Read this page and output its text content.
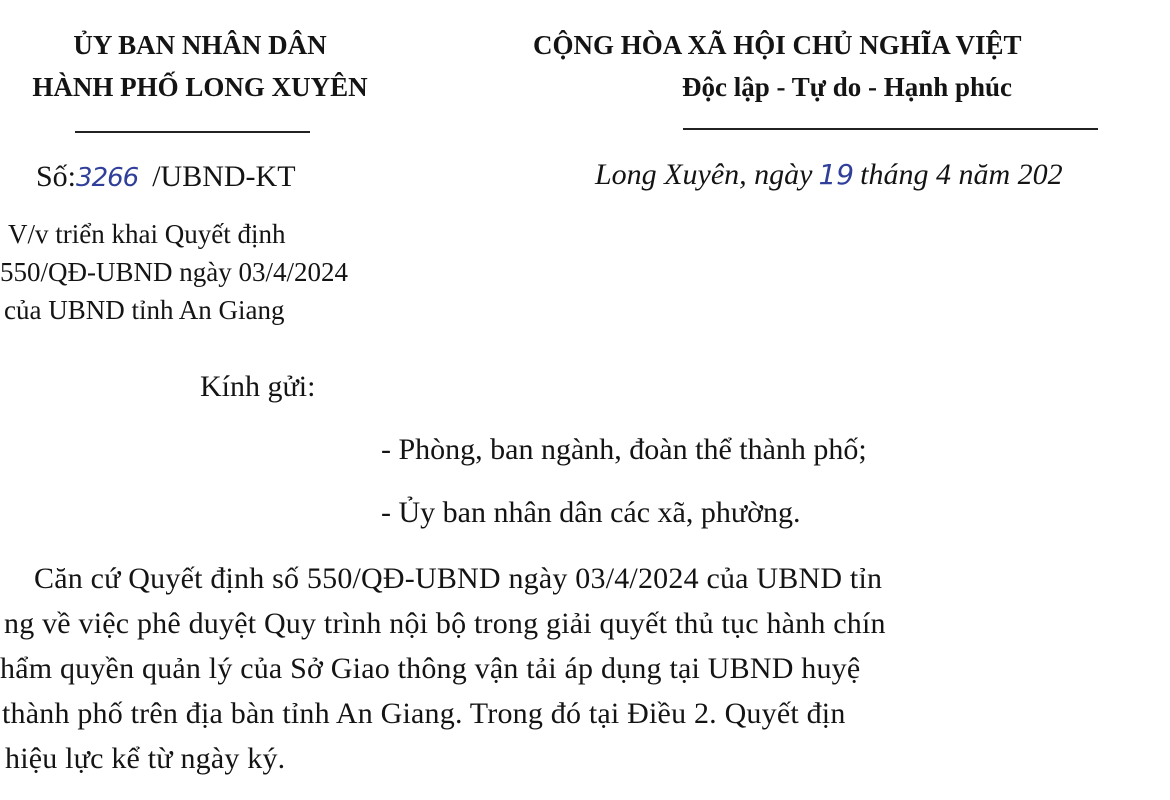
ỦY BAN NHÂN DÂN
HÀNH PHỐ LONG XUYÊN
Số:3266 /UBND-KT
V/v triển khai Quyết định
550/QĐ-UBND ngày 03/4/2024
của UBND tỉnh An Giang
CỘNG HÒA XÃ HỘI CHỦ NGHĨA VIỆT
Độc lập - Tự do - Hạnh phúc
Long Xuyên, ngày 19 tháng 4 năm 202
Kính gửi:
- Phòng, ban ngành, đoàn thể thành phố;
- Ủy ban nhân dân các xã, phường.
Căn cứ Quyết định số 550/QĐ-UBND ngày 03/4/2024 của UBND tỉn
ng về việc phê duyệt Quy trình nội bộ trong giải quyết thủ tục hành chín
hẩm quyền quản lý của Sở Giao thông vận tải áp dụng tại UBND huyệ
thành phố trên địa bàn tỉnh An Giang. Trong đó tại Điều 2. Quyết địn
hiệu lực kể từ ngày ký.
